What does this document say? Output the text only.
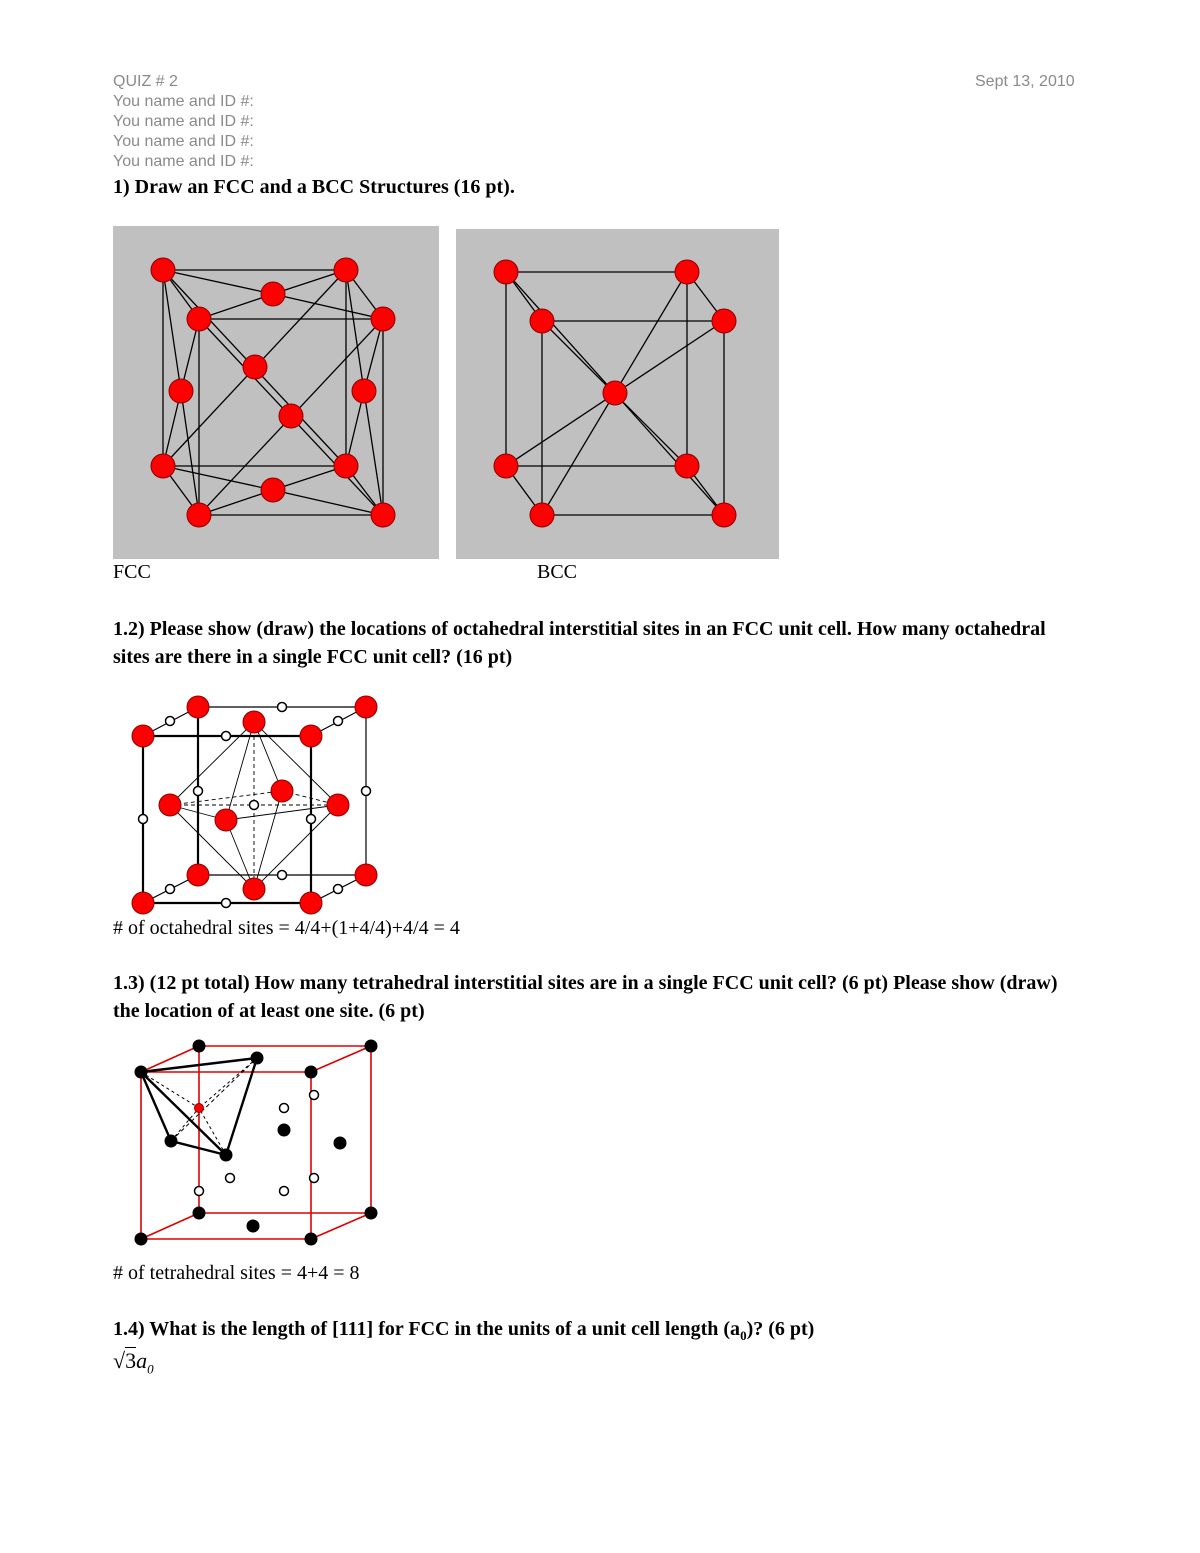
QUIZ # 2	Sept 13, 2010
You name and ID #:
You name and ID #:
You name and ID #:
You name and ID #:
1) Draw an FCC and a BCC Structures (16 pt).
FCC	BCC
1.2) Please show (draw) the locations of octahedral interstitial sites in an FCC unit cell. How many octahedral sites are there in a single FCC unit cell? (16 pt)
# of octahedral sites = 4/4+(1+4/4)+4/4 = 4
1.3) (12 pt total) How many tetrahedral interstitial sites are in a single FCC unit cell? (6 pt) Please show (draw) the location of at least one site. (6 pt)
# of tetrahedral sites = 4+4 = 8
1.4) What is the length of [111] for FCC in the units of a unit cell length $(a_0)$? (6 pt)
$√3a_0$
